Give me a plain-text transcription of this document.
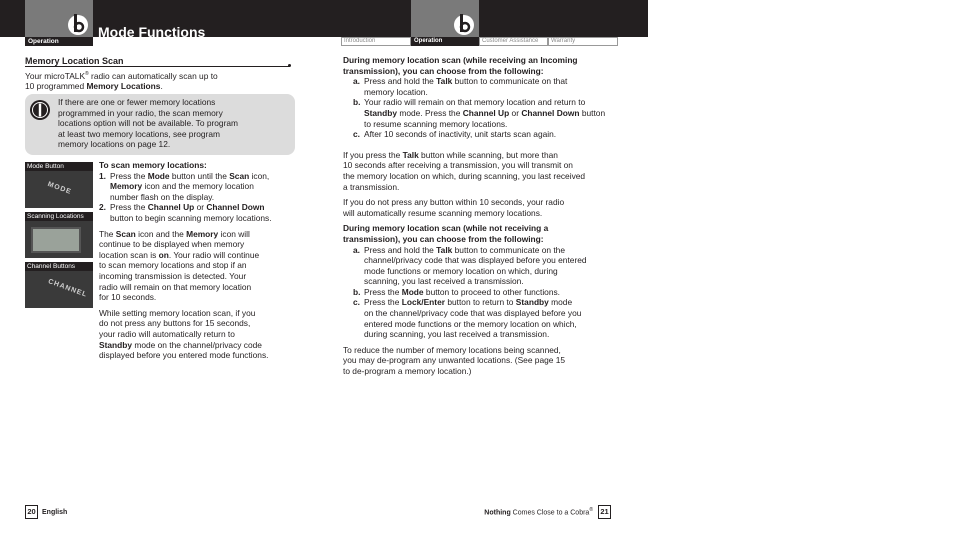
Operation
Mode Functions
Introduction	Operation	Customer Assistance	Warranty
Memory Location Scan
Your microTALK® radio can automatically scan up to
10 programmed Memory Locations.
If there are one or fewer memory locations
programmed in your radio, the scan memory
locations option will not be available. To program
at least two memory locations, see program
memory locations on page 12.
Mode Button
MODE
Scanning Locations
Channel Buttons
CHANNEL
To scan memory locations:
1. Press the Mode button until the Scan icon,
Memory icon and the memory location
number flash on the display.
2. Press the Channel Up or Channel Down
button to begin scanning memory locations.
The Scan icon and the Memory icon will
continue to be displayed when memory
location scan is on. Your radio will continue
to scan memory locations and stop if an
incoming transmission is detected. Your
radio will remain on that memory location
for 10 seconds.
While setting memory location scan, if you
do not press any buttons for 15 seconds,
your radio will automatically return to
Standby mode on the channel/privacy code
displayed before you entered mode functions.
During memory location scan (while receiving an Incoming
transmission), you can choose from the following:
a. Press and hold the Talk button to communicate on that
memory location.
b. Your radio will remain on that memory location and return to
Standby mode. Press the Channel Up or Channel Down button
to resume scanning memory locations.
c. After 10 seconds of inactivity, unit starts scan again.
If you press the Talk button while scanning, but more than
10 seconds after receiving a transmission, you will transmit on
the memory location on which, during scanning, you last received
a transmission.
If you do not press any button within 10 seconds, your radio
will automatically resume scanning memory locations.
During memory location scan (while not receiving a
transmission), you can choose from the following:
a. Press and hold the Talk button to communicate on the
channel/privacy code that was displayed before you entered
mode functions or memory location on which, during
scanning, you last received a transmission.
b. Press the Mode button to proceed to other functions.
c. Press the Lock/Enter button to return to Standby mode
on the channel/privacy code that was displayed before you
entered mode functions or the memory location on which,
during scanning, you last received a transmission.
To reduce the number of memory locations being scanned,
you may de-program any unwanted locations. (See page 15
to de-program a memory location.)
20 English	Nothing Comes Close to a Cobra® 21
